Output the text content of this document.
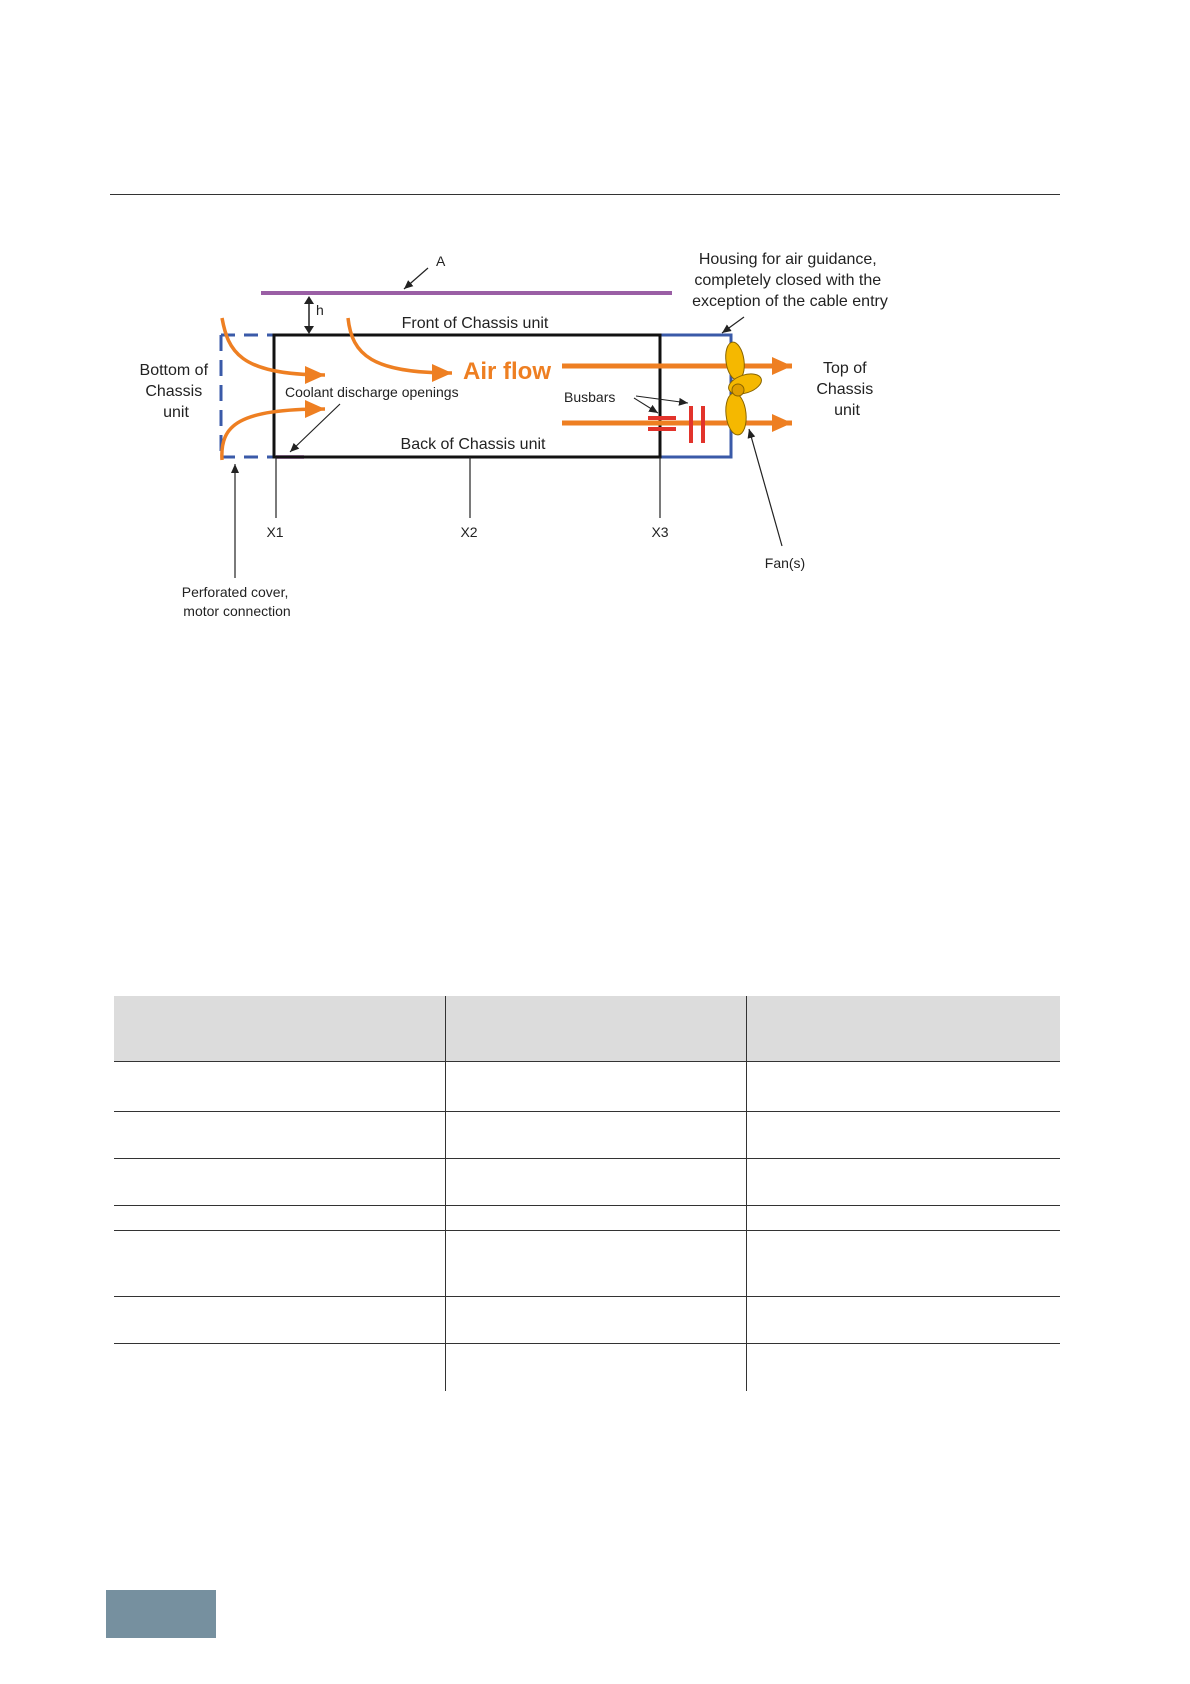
A
h
Front of Chassis unit
Back of Chassis unit
Coolant discharge openings
Air flow
Busbars
Bottom of Chassis unit
Top of Chassis unit
Housing for air guidance, completely closed with the exception of the cable entry
X1	X2	X3
Fan(s)
Perforated cover, motor connection
